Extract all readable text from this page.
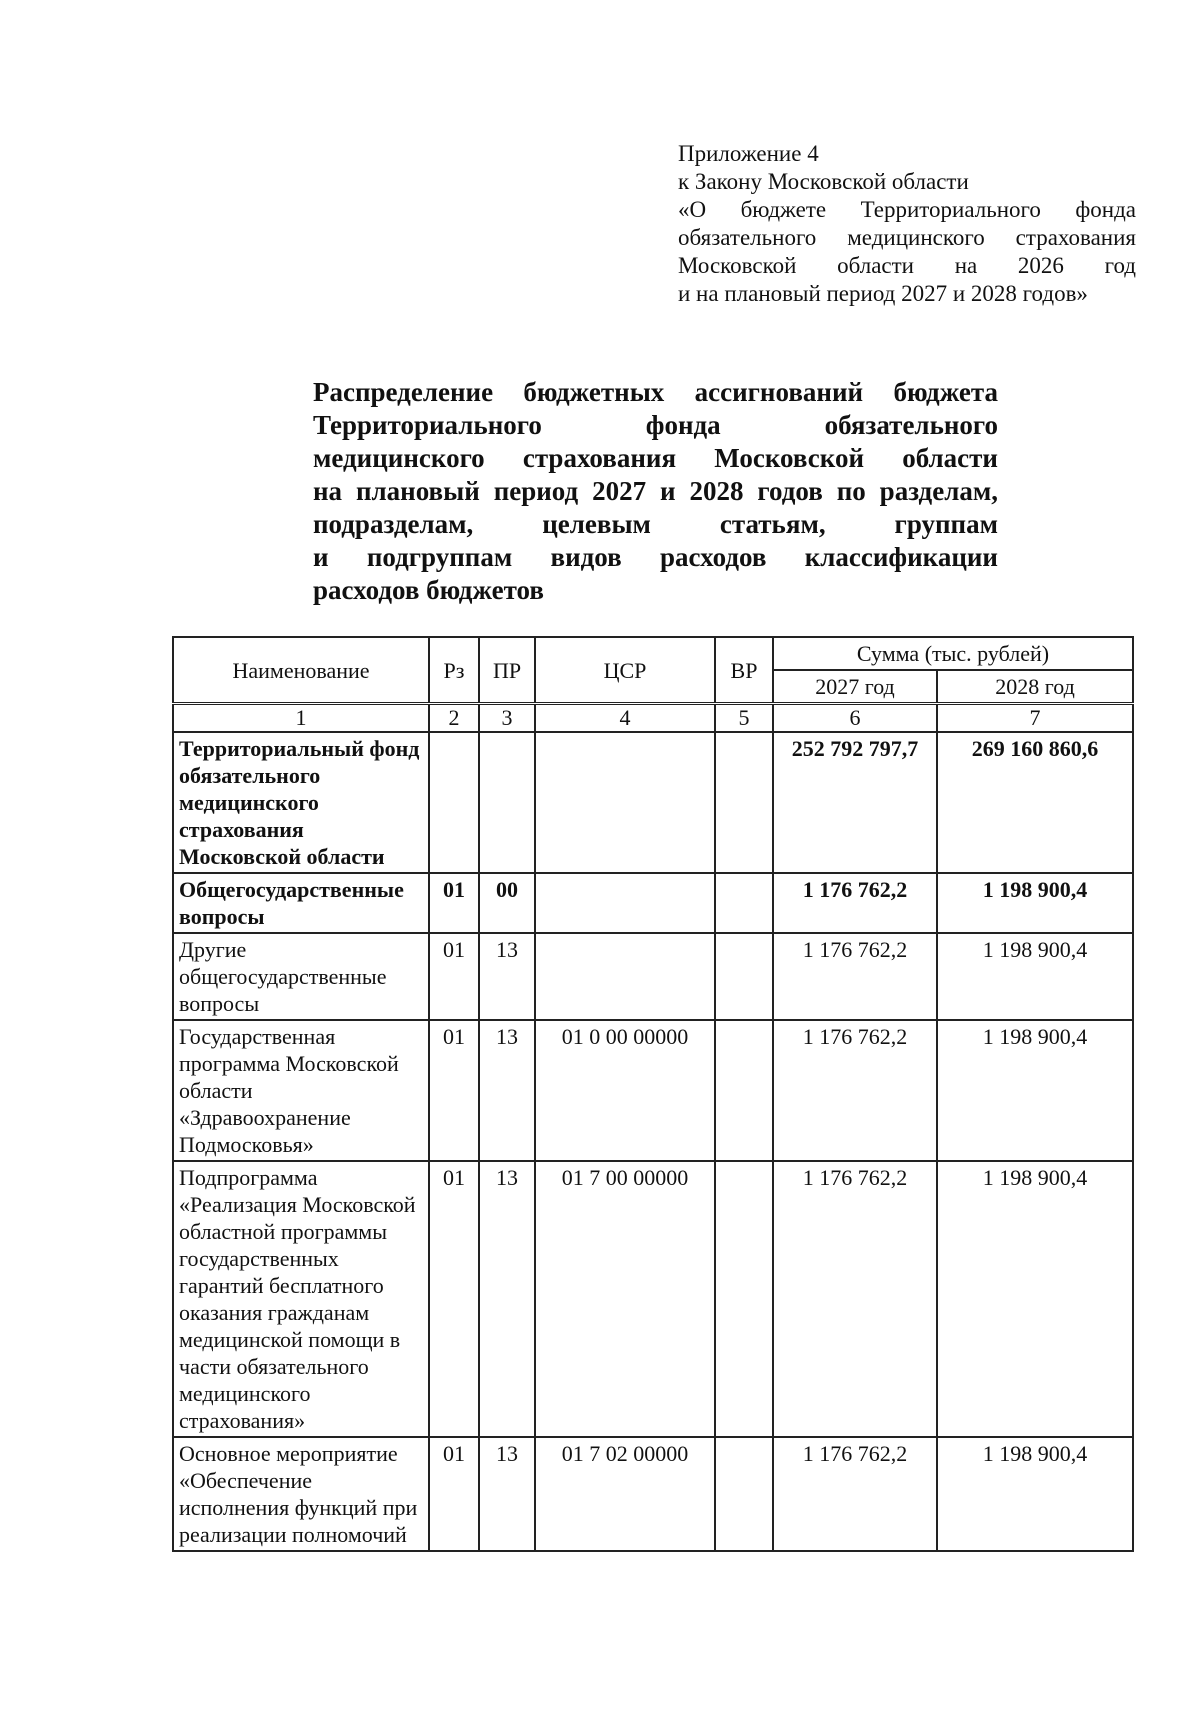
Приложение 4
к Закону Московской области
«О бюджете Территориального фонда
обязательного медицинского страхования
Московской области на 2026 год
и на плановый период 2027 и 2028 годов»
Распределение бюджетных ассигнований бюджета
Территориального фонда обязательного
медицинского страхования Московской области
на плановый период 2027 и 2028 годов по разделам,
подразделам, целевым статьям, группам
и подгруппам видов расходов классификации
расходов бюджетов
Наименование	Рз	ПР	ЦСР	ВР	Сумма (тыс. рублей)	
					2027 год	2028 год
1	2	3	4	5	6	7
Территориальный фонд обязательного медицинского страхования Московской области					252 792 797,7	269 160 860,6
Общегосударственные вопросы	01	00			1 176 762,2	1 198 900,4
Другие общегосударственные вопросы	01	13			1 176 762,2	1 198 900,4
Государственная программа Московской области «Здравоохранение Подмосковья»	01	13	01 0 00 00000		1 176 762,2	1 198 900,4
Подпрограмма «Реализация Московской областной программы государственных гарантий бесплатного оказания гражданам медицинской помощи в части обязательного медицинского страхования»	01	13	01 7 00 00000		1 176 762,2	1 198 900,4
Основное мероприятие «Обеспечение исполнения функций при реализации полномочий	01	13	01 7 02 00000		1 176 762,2	1 198 900,4
